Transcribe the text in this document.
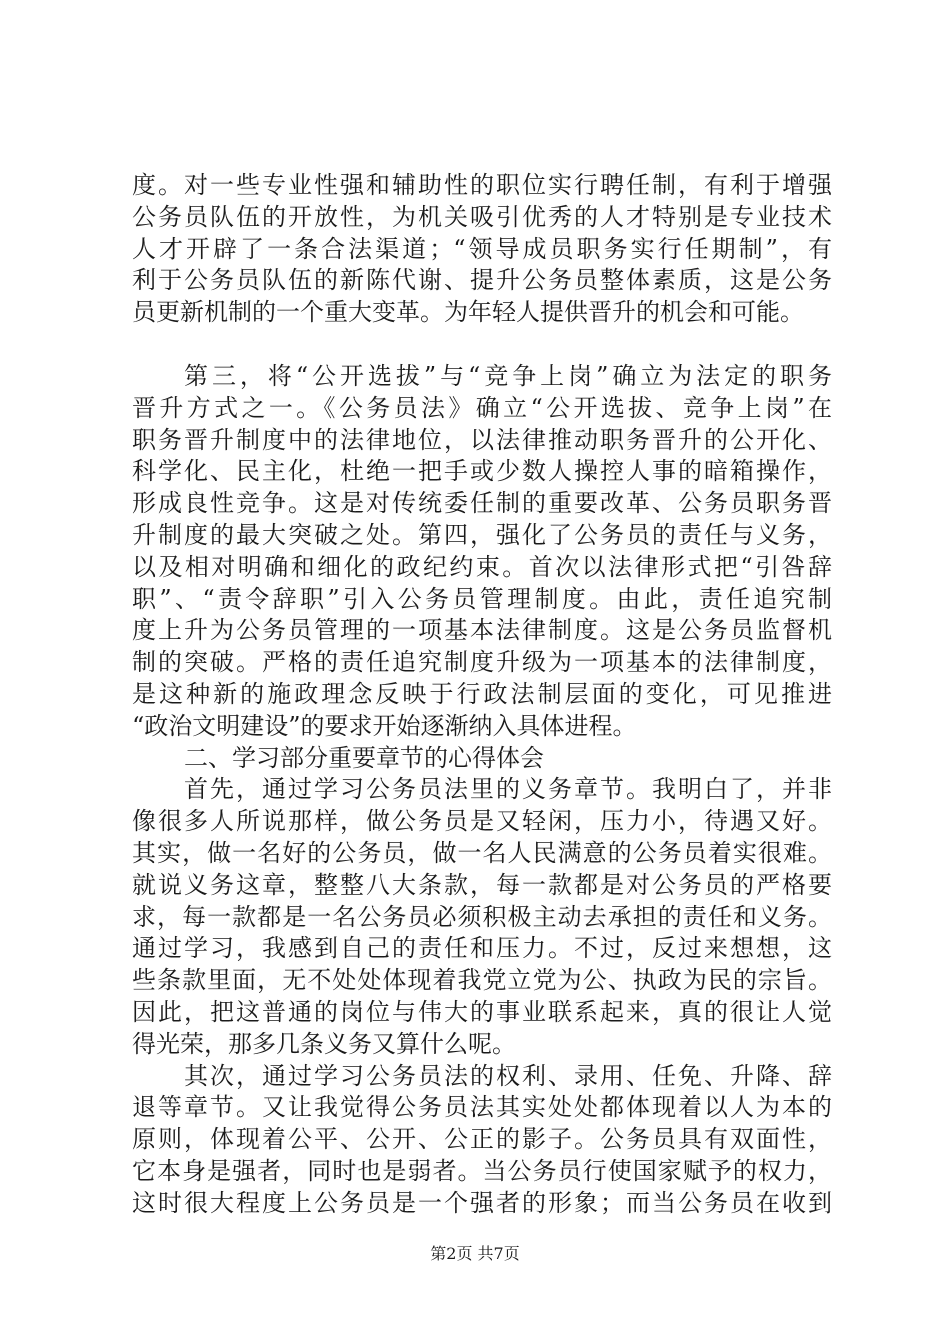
度。对一些专业性强和辅助性的职位实行聘任制，有利于增强
公务员队伍的开放性，为机关吸引优秀的人才特别是专业技术
人才开辟了一条合法渠道；“领导成员职务实行任期制”，有
利于公务员队伍的新陈代谢、提升公务员整体素质，这是公务
员更新机制的一个重大变革。为年轻人提供晋升的机会和可能。
第三，将“公开选拔”与“竞争上岗”确立为法定的职务
晋升方式之一。《公务员法》确立“公开选拔、竞争上岗”在
职务晋升制度中的法律地位，以法律推动职务晋升的公开化、
科学化、民主化，杜绝一把手或少数人操控人事的暗箱操作，
形成良性竞争。这是对传统委任制的重要改革、公务员职务晋
升制度的最大突破之处。第四，强化了公务员的责任与义务，
以及相对明确和细化的政纪约束。首次以法律形式把“引咎辞
职”、“责令辞职”引入公务员管理制度。由此，责任追究制
度上升为公务员管理的一项基本法律制度。这是公务员监督机
制的突破。严格的责任追究制度升级为一项基本的法律制度，
是这种新的施政理念反映于行政法制层面的变化，可见推进
“政治文明建设”的要求开始逐渐纳入具体进程。
二、学习部分重要章节的心得体会
首先，通过学习公务员法里的义务章节。我明白了，并非
像很多人所说那样，做公务员是又轻闲，压力小，待遇又好。
其实，做一名好的公务员，做一名人民满意的公务员着实很难。
就说义务这章，整整八大条款，每一款都是对公务员的严格要
求，每一款都是一名公务员必须积极主动去承担的责任和义务。
通过学习，我感到自己的责任和压力。不过，反过来想想，这
些条款里面，无不处处体现着我党立党为公、执政为民的宗旨。
因此，把这普通的岗位与伟大的事业联系起来，真的很让人觉
得光荣，那多几条义务又算什么呢。
其次，通过学习公务员法的权利、录用、任免、升降、辞
退等章节。又让我觉得公务员法其实处处都体现着以人为本的
原则，体现着公平、公开、公正的影子。公务员具有双面性，
它本身是强者，同时也是弱者。当公务员行使国家赋予的权力，
这时很大程度上公务员是一个强者的形象；而当公务员在收到
第2页 共7页
